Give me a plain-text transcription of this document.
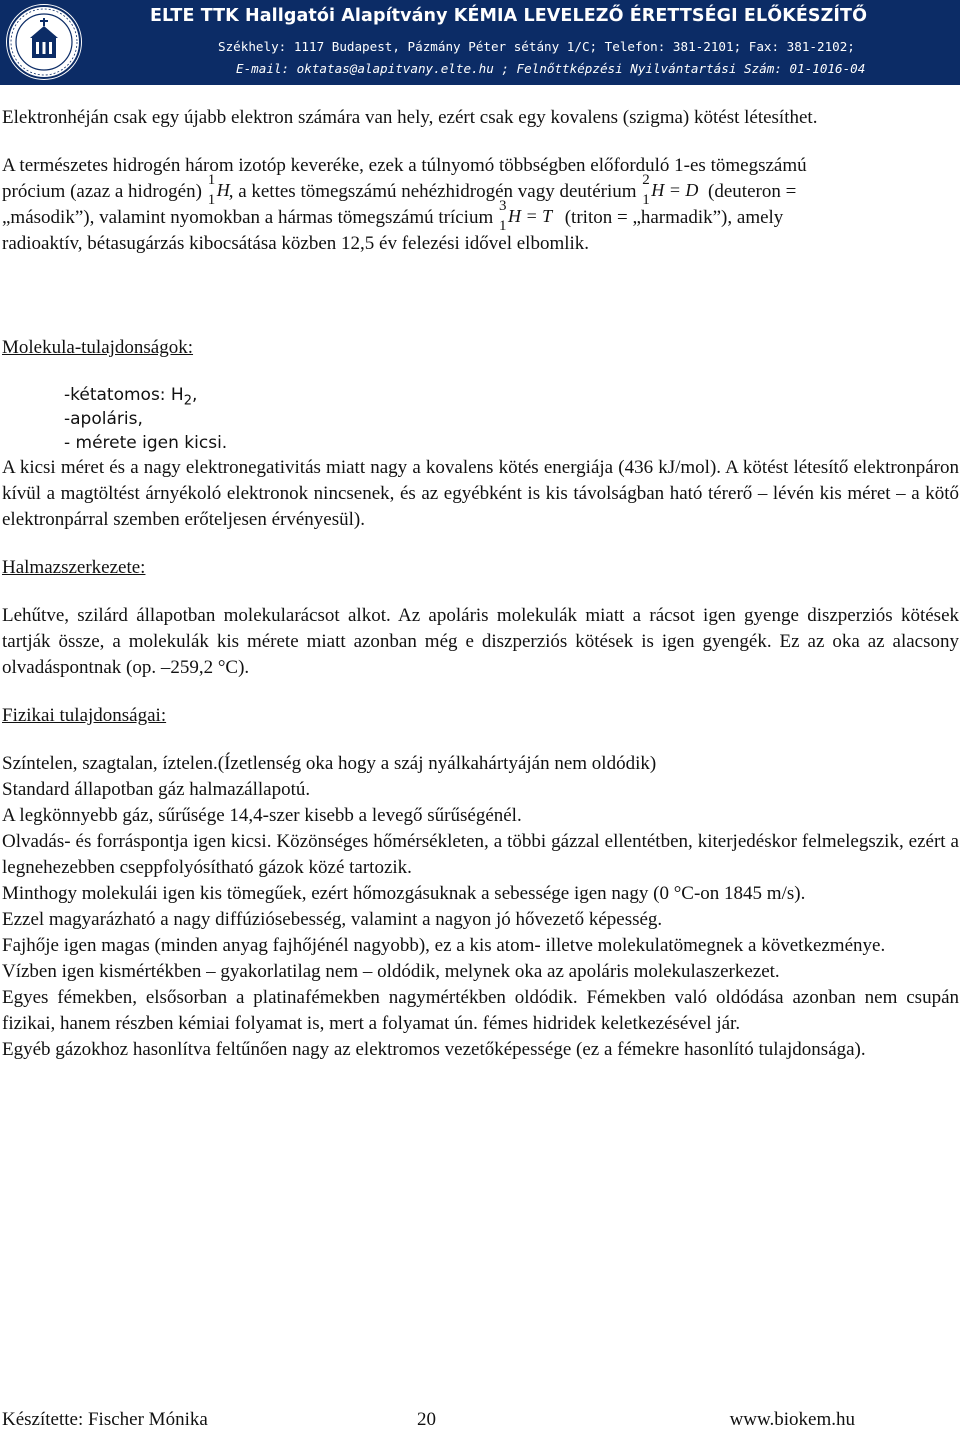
ELTE TTK Hallgatói Alapítvány KÉMIA LEVELEZŐ ÉRETTSÉGI ELŐKÉSZÍTŐ
Székhely: 1117 Budapest, Pázmány Péter sétány 1/C; Telefon: 381-2101; Fax: 381-2102;
E-mail: oktatas@alapitvany.elte.hu ; Felnőttképzési Nyilvántartási Szám: 01-1016-04

Elektronhéján csak egy újabb elektron számára van hely, ezért csak egy kovalens (szigma) kötést létesíthet.

A természetes hidrogén három izotóp keveréke, ezek a túlnyomó többségben előforduló 1-es tömegszámú
prócium (azaz a hidrogén)
1
1 H , a kettes tömegszámú nehézhidrogén vagy deutérium
2
1 H = D (deuteron =
„második”), valamint nyomokban a hármas tömegszámú trícium
3
1 H = T (triton = „harmadik”), amely
radioaktív, bétasugárzás kibocsátása közben 12,5 év felezési idővel elbomlik.

Molekula-tulajdonságok:

-kétatomos: $H_2$,
-apoláris,
- mérete igen kicsi.

A kicsi méret és a nagy elektronegativitás miatt nagy a kovalens kötés energiája (436 kJ/mol). A kötést létesítő elektronpáron kívül a magtöltést árnyékoló elektronok nincsenek, és az egyébként is kis távolságban ható térerő – lévén kis méret – a kötő elektronpárral szemben erőteljesen érvényesül).

Halmazszerkezete:

Lehűtve, szilárd állapotban molekularácsot alkot. Az apoláris molekulák miatt a rácsot igen gyenge diszperziós kötések tartják össze, a molekulák kis mérete miatt azonban még e diszperziós kötések is igen gyengék. Ez az oka az alacsony olvadáspontnak (op. –259,2 °C).

Fizikai tulajdonságai:

Színtelen, szagtalan, íztelen.(Ízetlenség oka hogy a száj nyálkahártyáján nem oldódik)

Standard állapotban gáz halmazállapotú.

A legkönnyebb gáz, sűrűsége 14,4-szer kisebb a levegő sűrűségénél.

Olvadás- és forráspontja igen kicsi. Közönséges hőmérsékleten, a többi gázzal ellentétben, kiterjedéskor felmelegszik, ezért a legnehezebben cseppfolyósítható gázok közé tartozik.

Minthogy molekulái igen kis tömegűek, ezért hőmozgásuknak a sebessége igen nagy (0 °C-on 1845 m/s).

Ezzel magyarázható a nagy diffúziósebesség, valamint a nagyon jó hővezető képesség.

Fajhője igen magas (minden anyag fajhőjénél nagyobb), ez a kis atom- illetve molekulatömegnek a következménye.

Vízben igen kismértékben – gyakorlatilag nem – oldódik, melynek oka az apoláris molekulaszerkezet.

Egyes fémekben, elsősorban a platinafémekben nagymértékben oldódik. Fémekben való oldódása azonban nem csupán fizikai, hanem részben kémiai folyamat is, mert a folyamat ún. fémes hidridek keletkezésével jár.

Egyéb gázokhoz hasonlítva feltűnően nagy az elektromos vezetőképessége (ez a fémekre hasonlító tulajdonsága).

Készítette: Fischer Mónika	20	www.biokem.hu
